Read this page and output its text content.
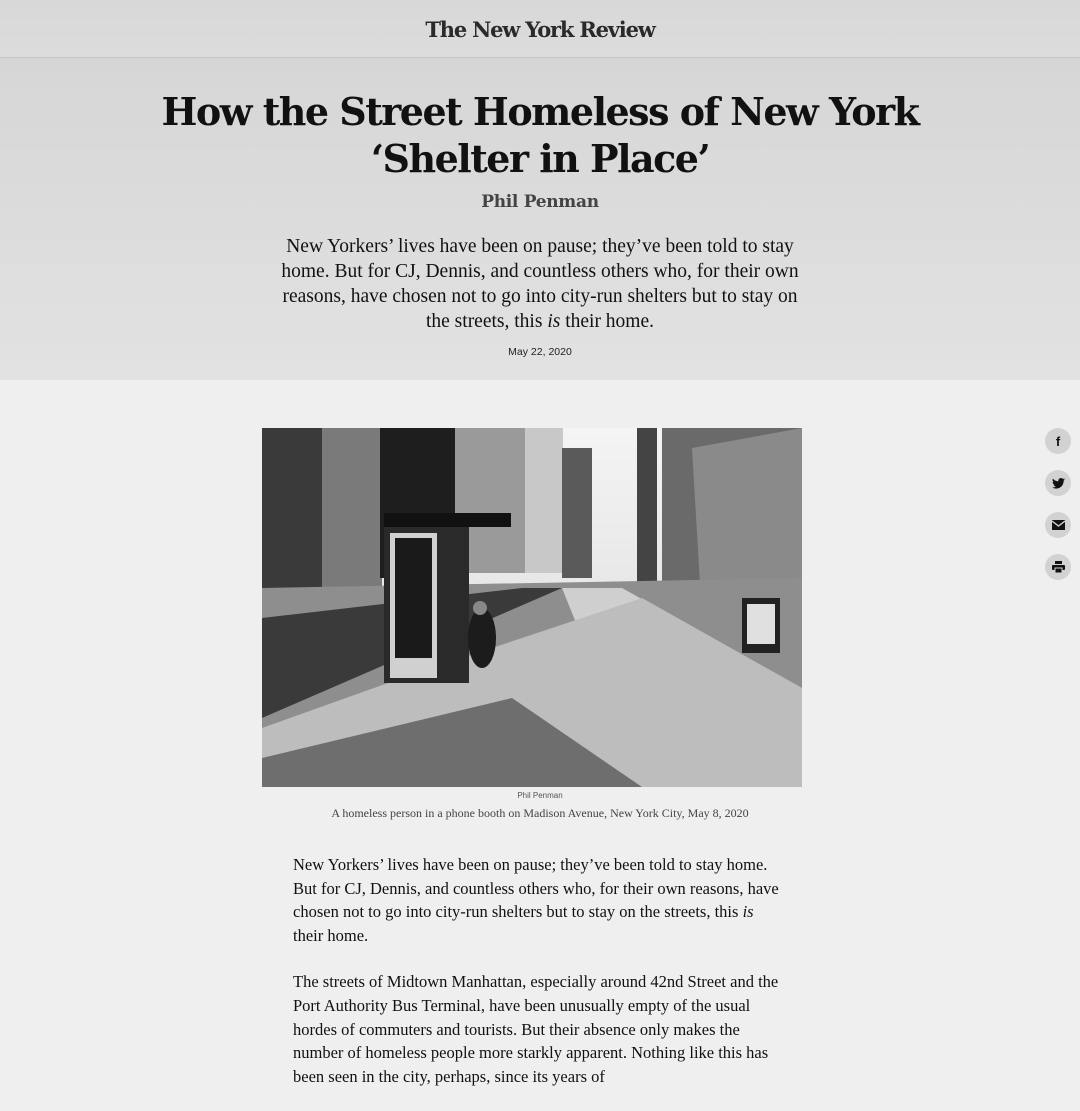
The New York Review
How the Street Homeless of New York
‘Shelter in Place’
Phil Penman
New Yorkers’ lives have been on pause; they’ve been told to stay home. But for CJ, Dennis, and countless others who, for their own reasons, have chosen not to go into city-run shelters but to stay on the streets, this is their home.
May 22, 2020
f
Phil Penman
A homeless person in a phone booth on Madison Avenue, New York City, May 8, 2020

New Yorkers’ lives have been on pause; they’ve been told to stay home. But for CJ, Dennis, and countless others who, for their own reasons, have chosen not to go into city-run shelters but to stay on the streets, this is their home.

The streets of Midtown Manhattan, especially around 42nd Street and the Port Authority Bus Terminal, have been unusually empty of the usual hordes of commuters and tourists. But their absence only makes the number of homeless people more starkly apparent. Nothing like this has been seen in the city, perhaps, since its years of
